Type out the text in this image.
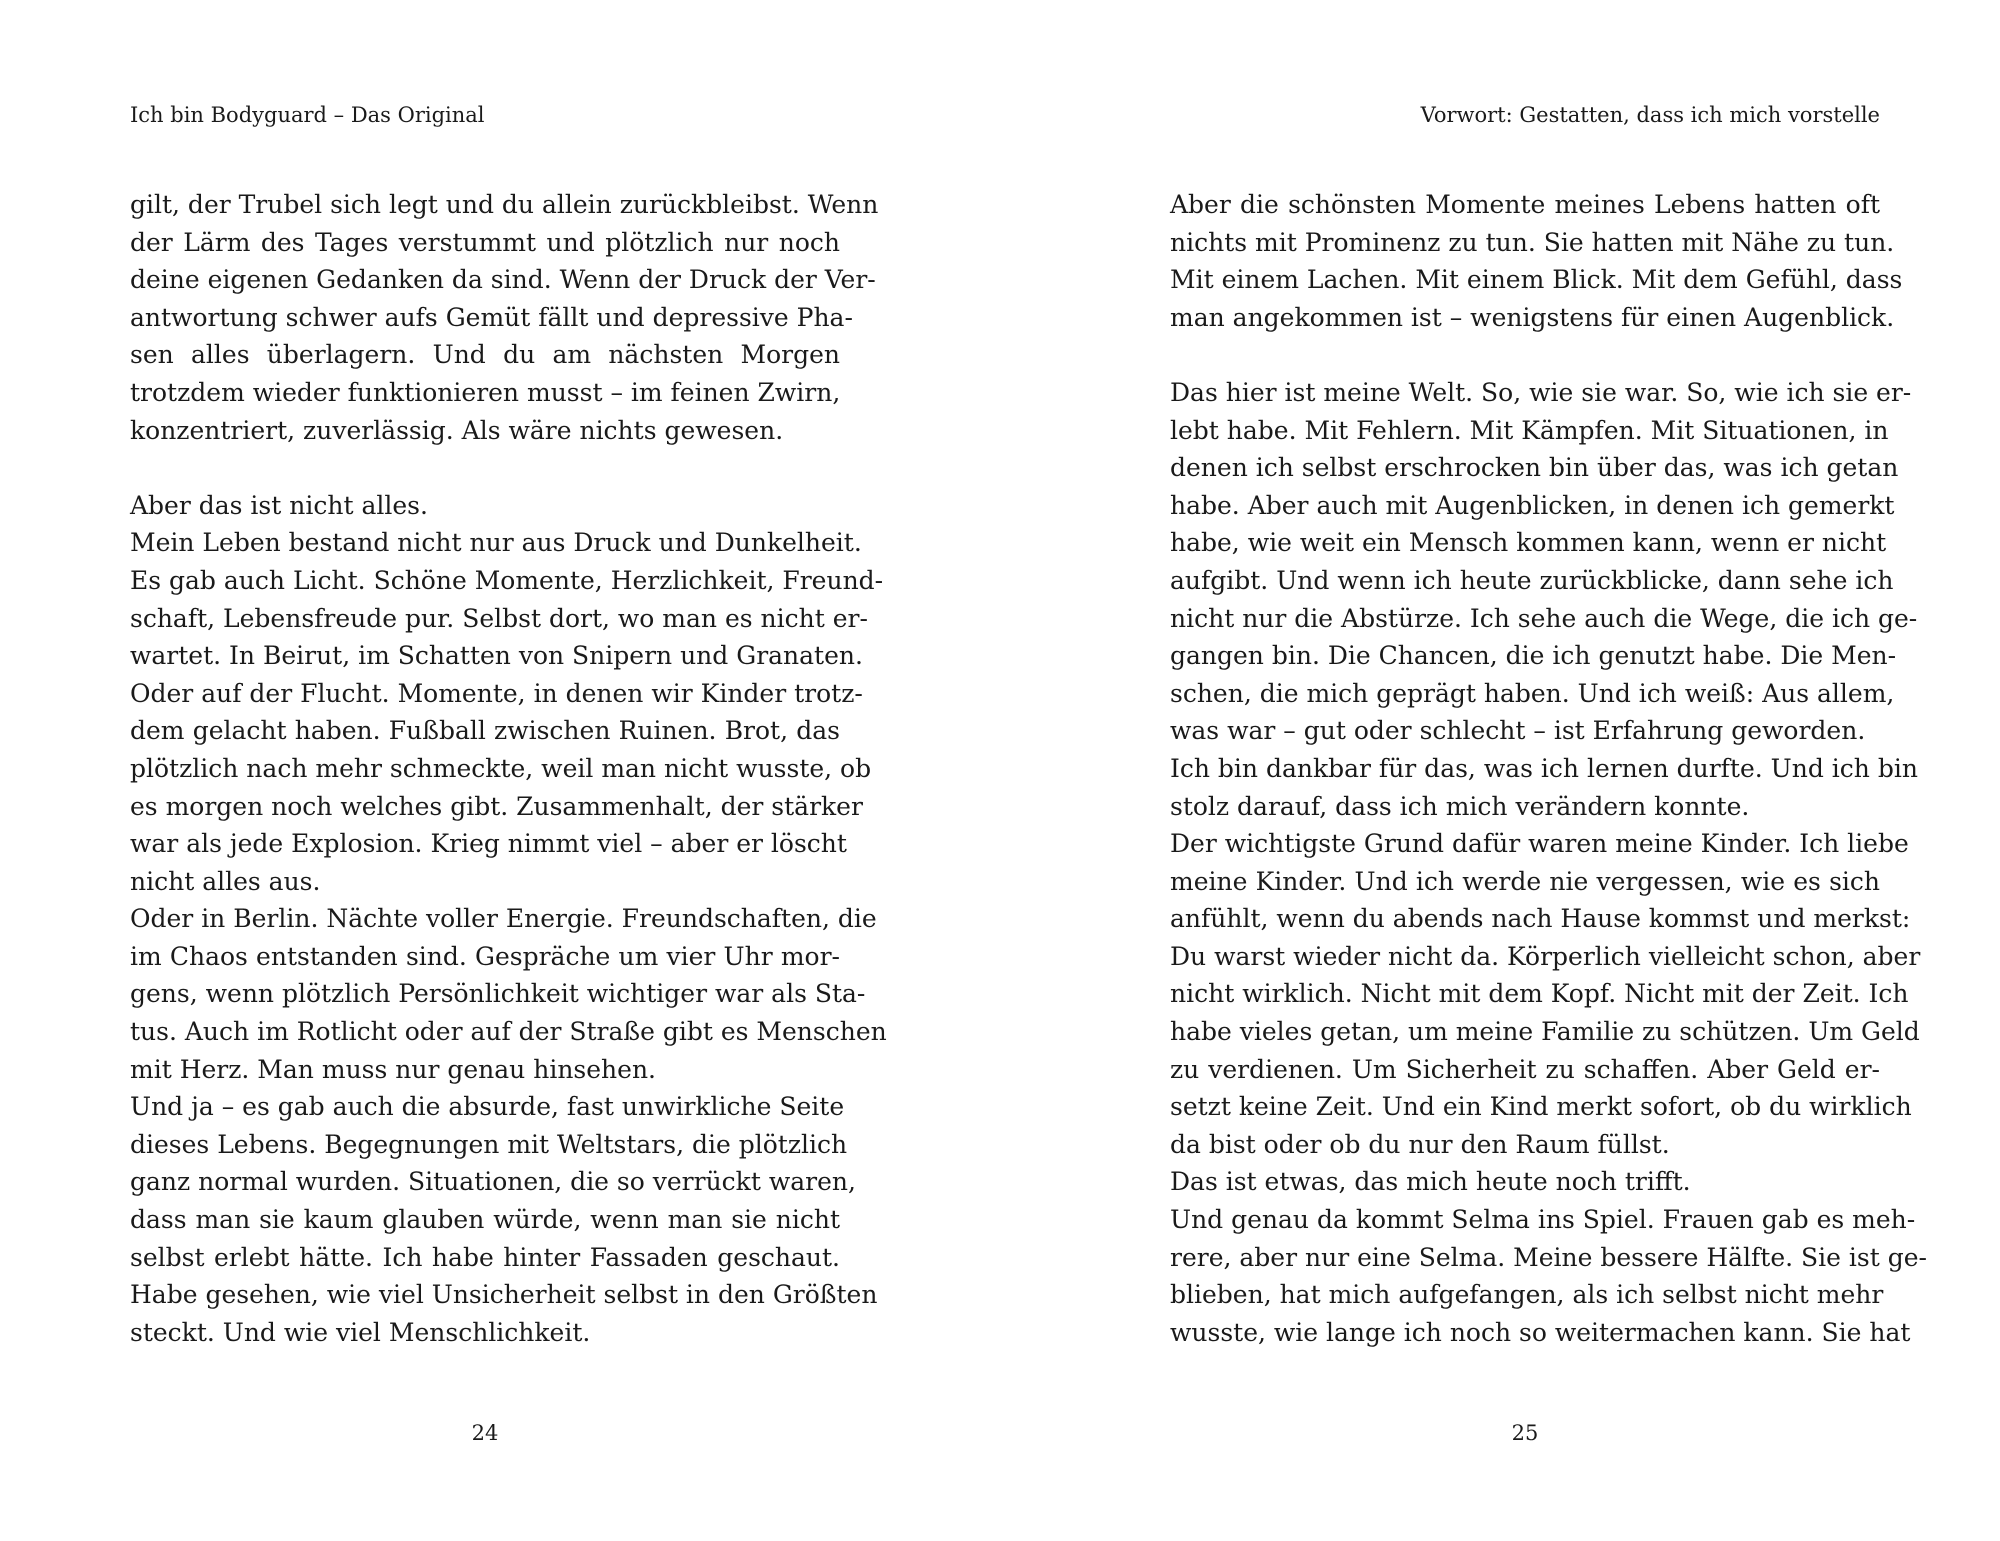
Ich bin Bodyguard – Das Original
gilt, der Trubel sich legt und du allein zurückbleibst. Wenn
der Lärm des Tages verstummt und plötzlich nur noch
deine eigenen Gedanken da sind. Wenn der Druck der Ver-
antwortung schwer aufs Gemüt fällt und depressive Pha-
sen alles überlagern. Und du am nächsten Morgen
trotzdem wieder funktionieren musst – im feinen Zwirn,
konzentriert, zuverlässig. Als wäre nichts gewesen.
Aber das ist nicht alles.
Mein Leben bestand nicht nur aus Druck und Dunkelheit.
Es gab auch Licht. Schöne Momente, Herzlichkeit, Freund-
schaft, Lebensfreude pur. Selbst dort, wo man es nicht er-
wartet. In Beirut, im Schatten von Snipern und Granaten.
Oder auf der Flucht. Momente, in denen wir Kinder trotz-
dem gelacht haben. Fußball zwischen Ruinen. Brot, das
plötzlich nach mehr schmeckte, weil man nicht wusste, ob
es morgen noch welches gibt. Zusammenhalt, der stärker
war als jede Explosion. Krieg nimmt viel – aber er löscht
nicht alles aus.
Oder in Berlin. Nächte voller Energie. Freundschaften, die
im Chaos entstanden sind. Gespräche um vier Uhr mor-
gens, wenn plötzlich Persönlichkeit wichtiger war als Sta-
tus. Auch im Rotlicht oder auf der Straße gibt es Menschen
mit Herz. Man muss nur genau hinsehen.
Und ja – es gab auch die absurde, fast unwirkliche Seite
dieses Lebens. Begegnungen mit Weltstars, die plötzlich
ganz normal wurden. Situationen, die so verrückt waren,
dass man sie kaum glauben würde, wenn man sie nicht
selbst erlebt hätte. Ich habe hinter Fassaden geschaut.
Habe gesehen, wie viel Unsicherheit selbst in den Größten
steckt. Und wie viel Menschlichkeit.
24
Vorwort: Gestatten, dass ich mich vorstelle
Aber die schönsten Momente meines Lebens hatten oft
nichts mit Prominenz zu tun. Sie hatten mit Nähe zu tun.
Mit einem Lachen. Mit einem Blick. Mit dem Gefühl, dass
man angekommen ist – wenigstens für einen Augenblick.
Das hier ist meine Welt. So, wie sie war. So, wie ich sie er-
lebt habe. Mit Fehlern. Mit Kämpfen. Mit Situationen, in
denen ich selbst erschrocken bin über das, was ich getan
habe. Aber auch mit Augenblicken, in denen ich gemerkt
habe, wie weit ein Mensch kommen kann, wenn er nicht
aufgibt. Und wenn ich heute zurückblicke, dann sehe ich
nicht nur die Abstürze. Ich sehe auch die Wege, die ich ge-
gangen bin. Die Chancen, die ich genutzt habe. Die Men-
schen, die mich geprägt haben. Und ich weiß: Aus allem,
was war – gut oder schlecht – ist Erfahrung geworden.
Ich bin dankbar für das, was ich lernen durfte. Und ich bin
stolz darauf, dass ich mich verändern konnte.
Der wichtigste Grund dafür waren meine Kinder. Ich liebe
meine Kinder. Und ich werde nie vergessen, wie es sich
anfühlt, wenn du abends nach Hause kommst und merkst:
Du warst wieder nicht da. Körperlich vielleicht schon, aber
nicht wirklich. Nicht mit dem Kopf. Nicht mit der Zeit. Ich
habe vieles getan, um meine Familie zu schützen. Um Geld
zu verdienen. Um Sicherheit zu schaffen. Aber Geld er-
setzt keine Zeit. Und ein Kind merkt sofort, ob du wirklich
da bist oder ob du nur den Raum füllst.
Das ist etwas, das mich heute noch trifft.
Und genau da kommt Selma ins Spiel. Frauen gab es meh-
rere, aber nur eine Selma. Meine bessere Hälfte. Sie ist ge-
blieben, hat mich aufgefangen, als ich selbst nicht mehr
wusste, wie lange ich noch so weitermachen kann. Sie hat
25
